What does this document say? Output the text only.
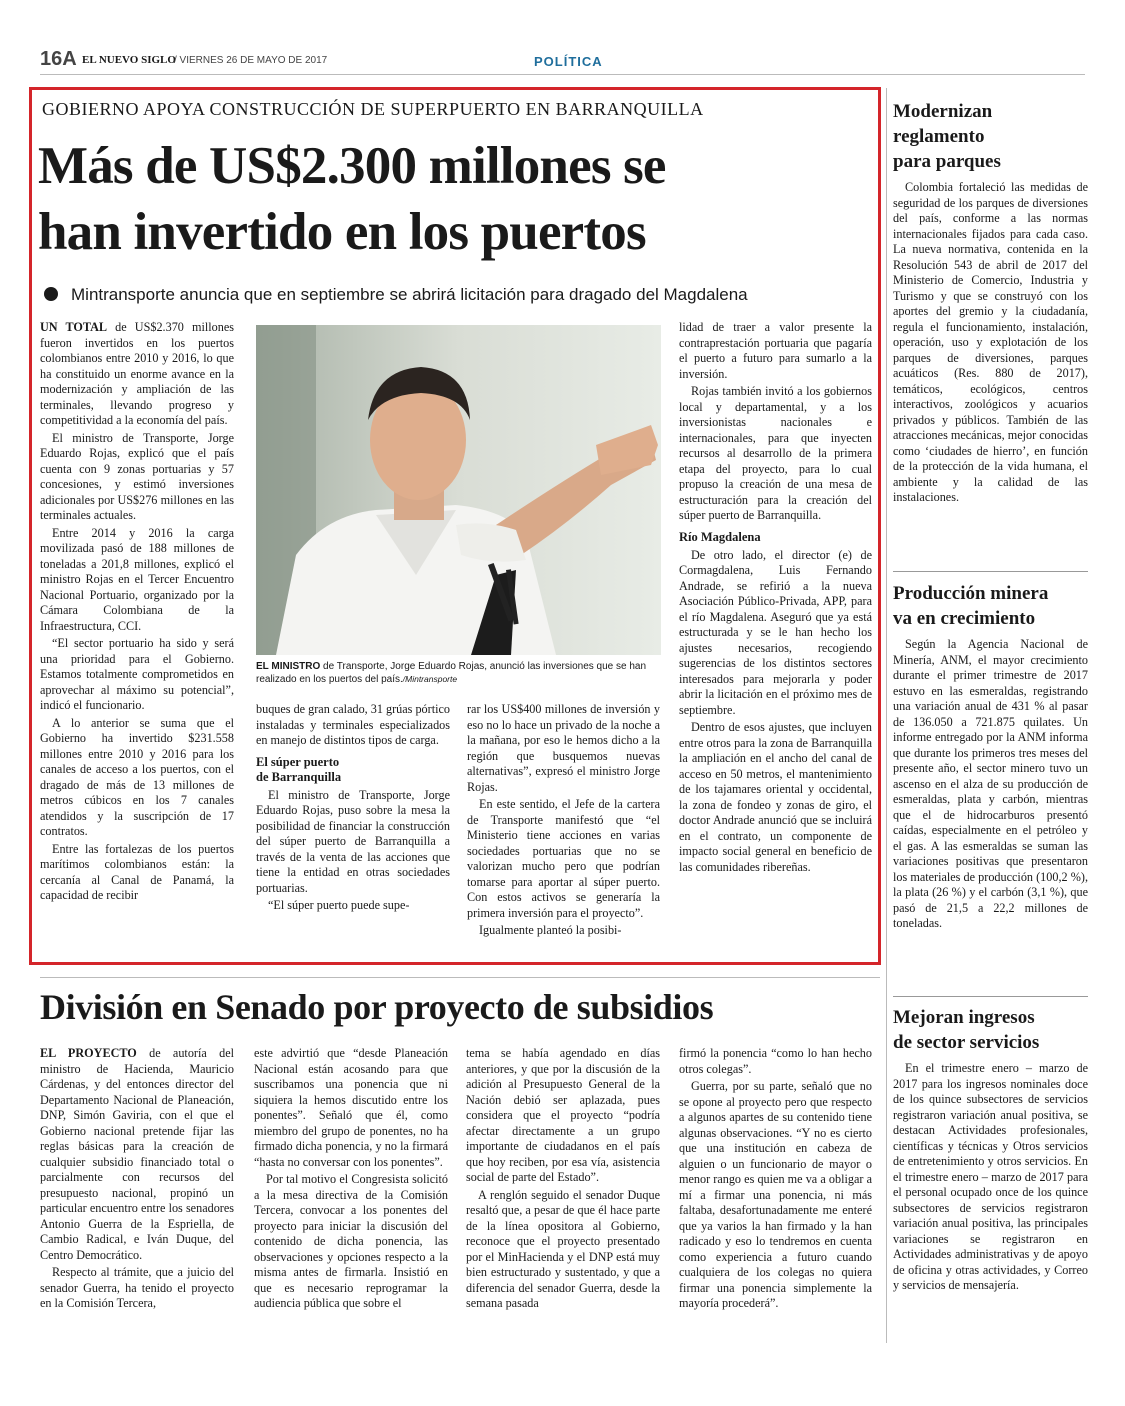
16A EL NUEVO SIGLO
/ VIERNES 26 DE MAYO DE 2017	POLÍTICA
GOBIERNO APOYA CONSTRUCCIÓN DE SUPERPUERTO EN BARRANQUILLA
Más de US$2.300 millones se
han invertido en los puertos
Mintransporte anuncia que en septiembre se abrirá licitación para dragado del Magdalena

UN TOTAL de US$2.370 millones fueron invertidos en los puertos colombianos entre 2010 y 2016, lo que ha constituido un enorme avance en la modernización y ampliación de las terminales, llevando progreso y competitividad a la economía del país.

El ministro de Transporte, Jorge Eduardo Rojas, explicó que el país cuenta con 9 zonas portuarias y 57 concesiones, y estimó inversiones adicionales por US$276 millones en las terminales actuales.

Entre 2014 y 2016 la carga movilizada pasó de 188 millones de toneladas a 201,8 millones, explicó el ministro Rojas en el Tercer Encuentro Nacional Portuario, organizado por la Cámara Colombiana de la Infraestructura, CCI.

“El sector portuario ha sido y será una prioridad para el Gobierno. Estamos totalmente comprometidos en aprovechar al máximo su potencial”, indicó el funcionario.

A lo anterior se suma que el Gobierno ha invertido $231.558 millones entre 2010 y 2016 para los canales de acceso a los puertos, con el dragado de más de 13 millones de metros cúbicos en los 7 canales atendidos y la suscripción de 17 contratos.

Entre las fortalezas de los puertos marítimos colombianos están: la cercanía al Canal de Panamá, la capacidad de recibir

EL MINISTRO de Transporte, Jorge Eduardo Rojas, anunció las inversiones que se han realizado en los puertos del país./Mintransporte

buques de gran calado, 31 grúas pórtico instaladas y terminales especializados en manejo de distintos tipos de carga.

El súper puerto
de Barranquilla

El ministro de Transporte, Jorge Eduardo Rojas, puso sobre la mesa la posibilidad de financiar la construcción del súper puerto de Barranquilla a través de la venta de las acciones que tiene la entidad en otras sociedades portuarias.

“El súper puerto puede supe-

rar los US$400 millones de inversión y eso no lo hace un privado de la noche a la mañana, por eso le hemos dicho a la región que busquemos nuevas alternativas”, expresó el ministro Jorge Rojas.

En este sentido, el Jefe de la cartera de Transporte manifestó que “el Ministerio tiene acciones en varias sociedades portuarias que no se valorizan mucho pero que podrían tomarse para aportar al súper puerto. Con estos activos se generaría la primera inversión para el proyecto”.

Igualmente planteó la posibi-

lidad de traer a valor presente la contraprestación portuaria que pagaría el puerto a futuro para sumarlo a la inversión.

Rojas también invitó a los gobiernos local y departamental, y a los inversionistas nacionales e internacionales, para que inyecten recursos al desarrollo de la primera etapa del proyecto, para lo cual propuso la creación de una mesa de estructuración para la creación del súper puerto de Barranquilla.

Río Magdalena

De otro lado, el director (e) de Cormagdalena, Luis Fernando Andrade, se refirió a la nueva Asociación Público-Privada, APP, para el río Magdalena. Aseguró que ya está estructurada y se le han hecho los ajustes necesarios, recogiendo sugerencias de los distintos sectores interesados para mejorarla y poder abrir la licitación en el próximo mes de septiembre.

Dentro de esos ajustes, que incluyen entre otros para la zona de Barranquilla la ampliación en el ancho del canal de acceso en 50 metros, el mantenimiento de los tajamares oriental y occidental, la zona de fondeo y zonas de giro, el doctor Andrade anunció que se incluirá en el contrato, un componente de impacto social general en beneficio de las comunidades ribereñas.

Modernizan
reglamento
para parques

Colombia fortaleció las medidas de seguridad de los parques de diversiones del país, conforme a las normas internacionales fijados para cada caso. La nueva normativa, contenida en la Resolución 543 de abril de 2017 del Ministerio de Comercio, Industria y Turismo y que se construyó con los aportes del gremio y la ciudadanía, regula el funcionamiento, instalación, operación, uso y explotación de los parques de diversiones, parques acuáticos (Res. 880 de 2017), temáticos, ecológicos, centros interactivos, zoológicos y acuarios privados y públicos. También de las atracciones mecánicas, mejor conocidas como ‘ciudades de hierro’, en función de la protección de la vida humana, el ambiente y la calidad de las instalaciones.

Producción minera
va en crecimiento

Según la Agencia Nacional de Minería, ANM, el mayor crecimiento durante el primer trimestre de 2017 estuvo en las esmeraldas, registrando una variación anual de 431 % al pasar de 136.050 a 721.875 quilates. Un informe entregado por la ANM informa que durante los primeros tres meses del presente año, el sector minero tuvo un ascenso en el alza de su producción de esmeraldas, plata y carbón, mientras que el de hidrocarburos presentó caídas, especialmente en el petróleo y el gas. A las esmeraldas se suman las variaciones positivas que presentaron los materiales de producción (100,2 %), la plata (26 %) y el carbón (3,1 %), que pasó de 21,5 a 22,2 millones de toneladas.

Mejoran ingresos
de sector servicios

En el trimestre enero – marzo de 2017 para los ingresos nominales doce de los quince subsectores de servicios registraron variación anual positiva, se destacan Actividades profesionales, científicas y técnicas y Otros servicios de entretenimiento y otros servicios. En el trimestre enero – marzo de 2017 para el personal ocupado once de los quince subsectores de servicios registraron variación anual positiva, las principales variaciones se registraron en Actividades administrativas y de apoyo de oficina y otras actividades, y Correo y servicios de mensajería.

División en Senado por proyecto de subsidios

EL PROYECTO de autoría del ministro de Hacienda, Mauricio Cárdenas, y del entonces director del Departamento Nacional de Planeación, DNP, Simón Gaviria, con el que el Gobierno nacional pretende fijar las reglas básicas para la creación de cualquier subsidio financiado total o parcialmente con recursos del presupuesto nacional, propinó un particular encuentro entre los senadores Antonio Guerra de la Espriella, de Cambio Radical, e Iván Duque, del Centro Democrático.

Respecto al trámite, que a juicio del senador Guerra, ha tenido el proyecto en la Comisión Tercera,

este advirtió que “desde Planeación Nacional están acosando para que suscribamos una ponencia que ni siquiera la hemos discutido entre los ponentes”. Señaló que él, como miembro del grupo de ponentes, no ha firmado dicha ponencia, y no la firmará “hasta no conversar con los ponentes”.

Por tal motivo el Congresista solicitó a la mesa directiva de la Comisión Tercera, convocar a los ponentes del proyecto para iniciar la discusión del contenido de dicha ponencia, las observaciones y opciones respecto a la misma antes de firmarla. Insistió en que es necesario reprogramar la audiencia pública que sobre el

tema se había agendado en días anteriores, y que por la discusión de la adición al Presupuesto General de la Nación debió ser aplazada, pues considera que el proyecto “podría afectar directamente a un grupo importante de ciudadanos en el país que hoy reciben, por esa vía, asistencia social de parte del Estado”.

A renglón seguido el senador Duque resaltó que, a pesar de que él hace parte de la línea opositora al Gobierno, reconoce que el proyecto presentado por el MinHacienda y el DNP está muy bien estructurado y sustentado, y que a diferencia del senador Guerra, desde la semana pasada

firmó la ponencia “como lo han hecho otros colegas”.

Guerra, por su parte, señaló que no se opone al proyecto pero que respecto a algunos apartes de su contenido tiene algunas observaciones. “Y no es cierto que una institución en cabeza de alguien o un funcionario de mayor o menor rango es quien me va a obligar a mí a firmar una ponencia, ni más faltaba, desafortunadamente me enteré que ya varios la han firmado y la han radicado y eso lo tendremos en cuenta como experiencia a futuro cuando cualquiera de los colegas no quiera firmar una ponencia simplemente la mayoría procederá”.
